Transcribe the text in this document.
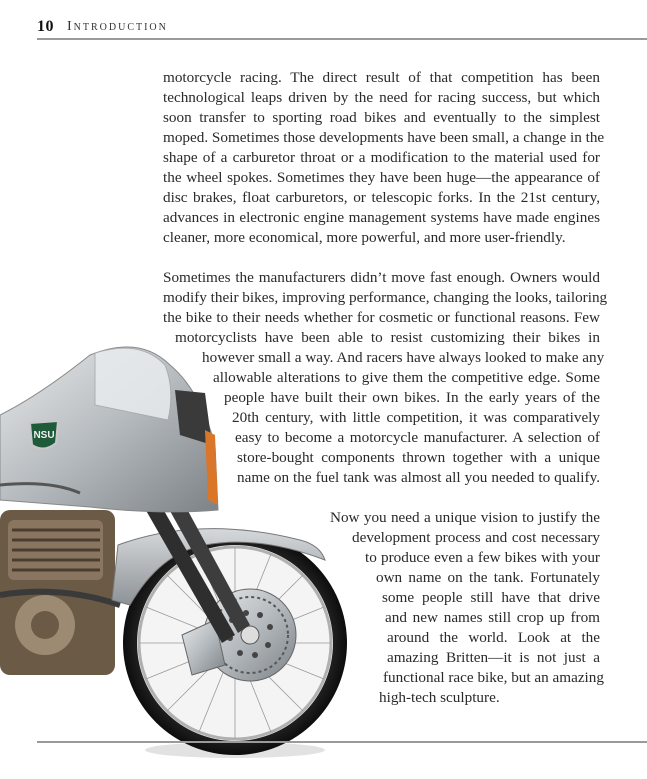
10 Introduction
NSU

motorcycle racing. The direct result of that competition has been

technological leaps driven by the need for racing success, but which

soon transfer to sporting road bikes and eventually to the simplest

moped. Sometimes those developments have been small, a change in the

shape of a carburetor throat or a modification to the material used for

the wheel spokes. Sometimes they have been huge—the appearance of

disc brakes, float carburetors, or telescopic forks. In the 21st century,

advances in electronic engine management systems have made engines

cleaner, more economical, more powerful, and more user-friendly.

Sometimes the manufacturers didn’t move fast enough. Owners would

modify their bikes, improving performance, changing the looks, tailoring

the bike to their needs whether for cosmetic or functional reasons. Few

motorcyclists have been able to resist customizing their bikes in

however small a way. And racers have always looked to make any

allowable alterations to give them the competitive edge. Some

people have built their own bikes. In the early years of the

20th century, with little competition, it was comparatively

easy to become a motorcycle manufacturer. A selection of

store-bought components thrown together with a unique

name on the fuel tank was almost all you needed to qualify.

Now you need a unique vision to justify the

development process and cost necessary

to produce even a few bikes with your

own name on the tank. Fortunately

some people still have that drive

and new names still crop up from

around the world. Look at the

amazing Britten—it is not just a

functional race bike, but an amazing

high-tech sculpture.
